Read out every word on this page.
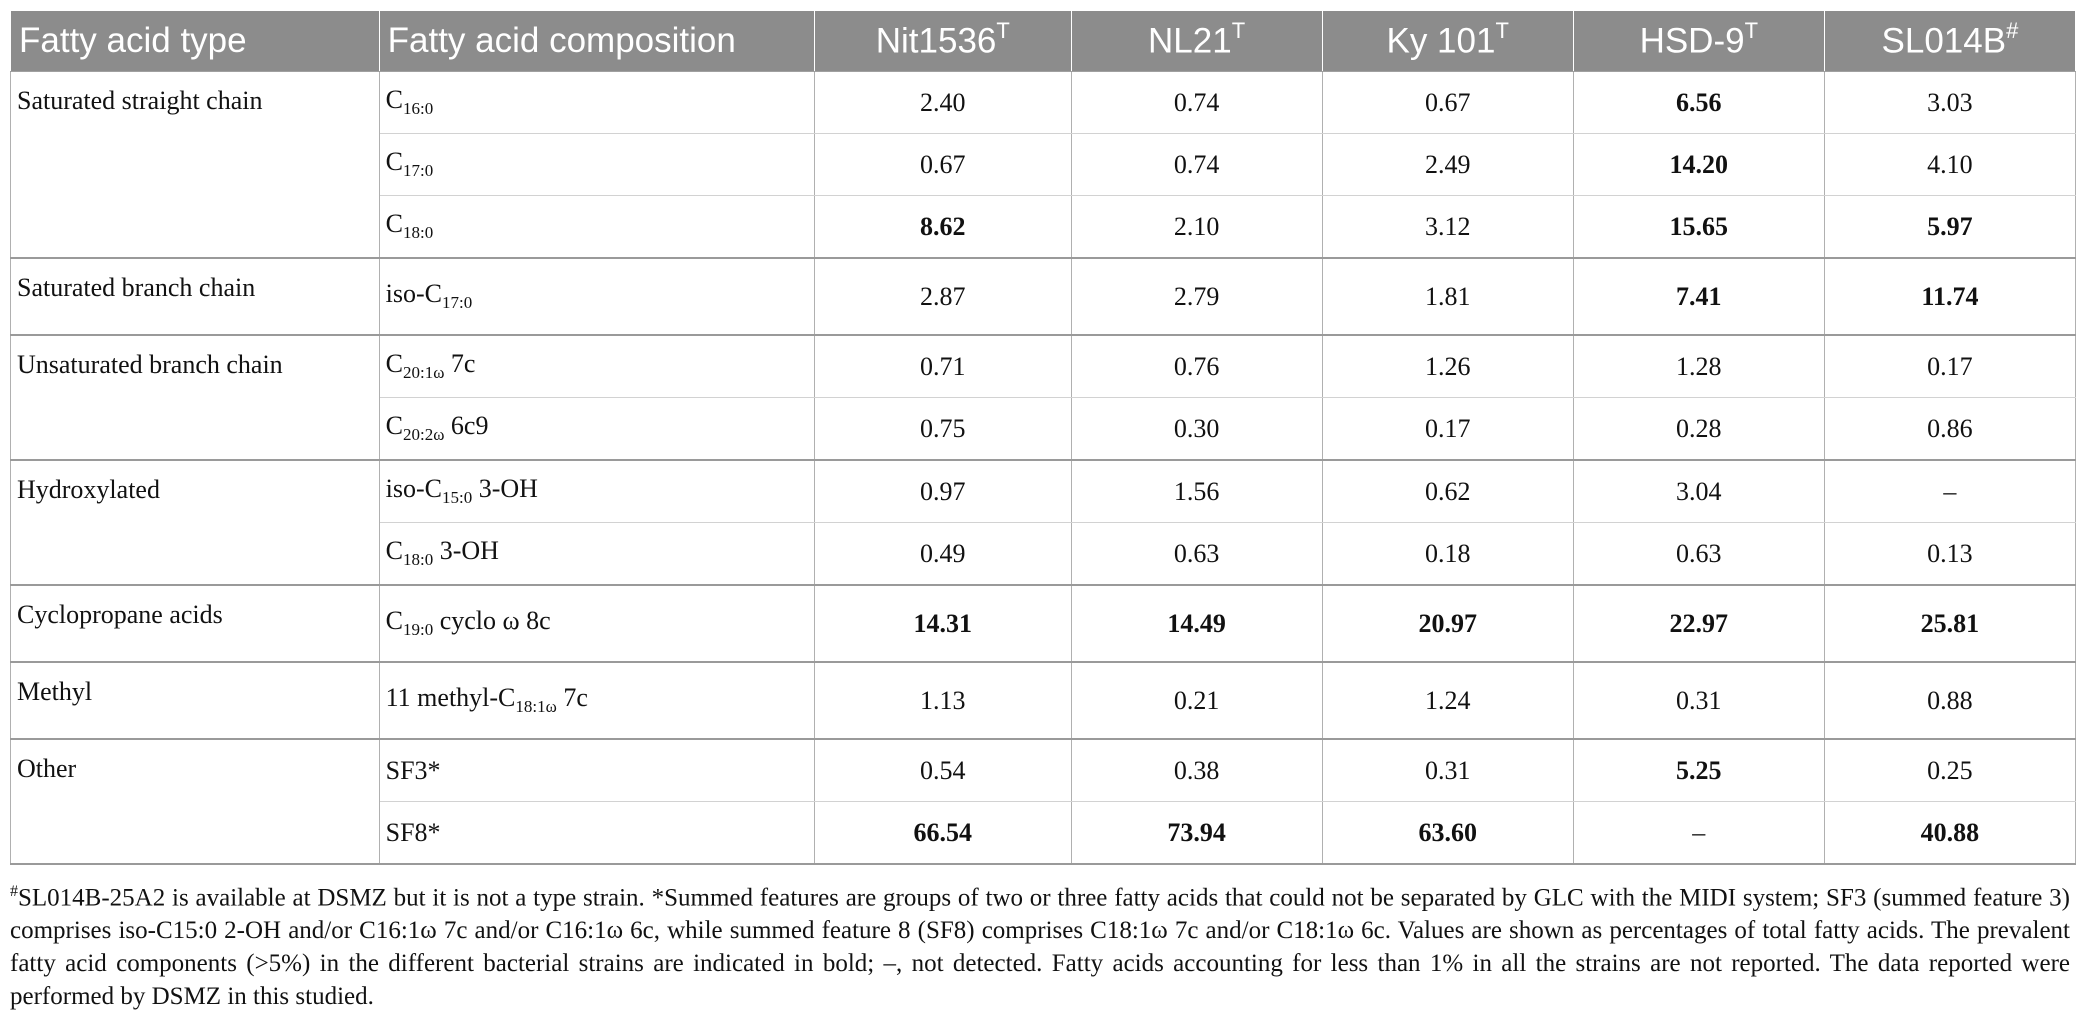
Fatty acid type	Fatty acid composition	$Nit1536^T$	$NL21^T$	Ky $101^T$	HSD-$9^T$	SL014B#
Saturated straight chain	$C_{16:0}$	2.40	0.74	0.67	6.56	3.03
	$C_{17:0}$	0.67	0.74	2.49	14.20	4.10
	$C_{18:0}$	8.62	2.10	3.12	15.65	5.97
Saturated branch chain	iso-$C_{17:0}$	2.87	2.79	1.81	7.41	11.74
Unsaturated branch chain	$C_{20:1\omega}$ 7c	0.71	0.76	1.26	1.28	0.17
	$C_{20:2\omega}$ 6c9	0.75	0.30	0.17	0.28	0.86
Hydroxylated	iso-$C_{15:0}$ 3-OH	0.97	1.56	0.62	3.04	–
	$C_{18:0}$ 3-OH	0.49	0.63	0.18	0.63	0.13
Cyclopropane acids	$C_{19:0}$ cyclo ω 8c	14.31	14.49	20.97	22.97	25.81
Methyl	11 methyl-$C_{18:1\omega}$ 7c	1.13	0.21	1.24	0.31	0.88
Other	SF3*	0.54	0.38	0.31	5.25	0.25
	SF8*	66.54	73.94	63.60	–	40.88
#SL014B-25A2 is available at DSMZ but it is not a type strain. *Summed features are groups of two or three fatty acids that could not be separated by GLC with the MIDI system; SF3 (summed feature 3) comprises iso-C15:0 2-OH and/or C16:1ω 7c and/or C16:1ω 6c, while summed feature 8 (SF8) comprises C18:1ω 7c and/or C18:1ω 6c. Values are shown as percentages of total fatty acids. The prevalent fatty acid components (>5%) in the different bacterial strains are indicated in bold; –, not detected. Fatty acids accounting for less than 1% in all the strains are not reported. The data reported were performed by DSMZ in this studied.
